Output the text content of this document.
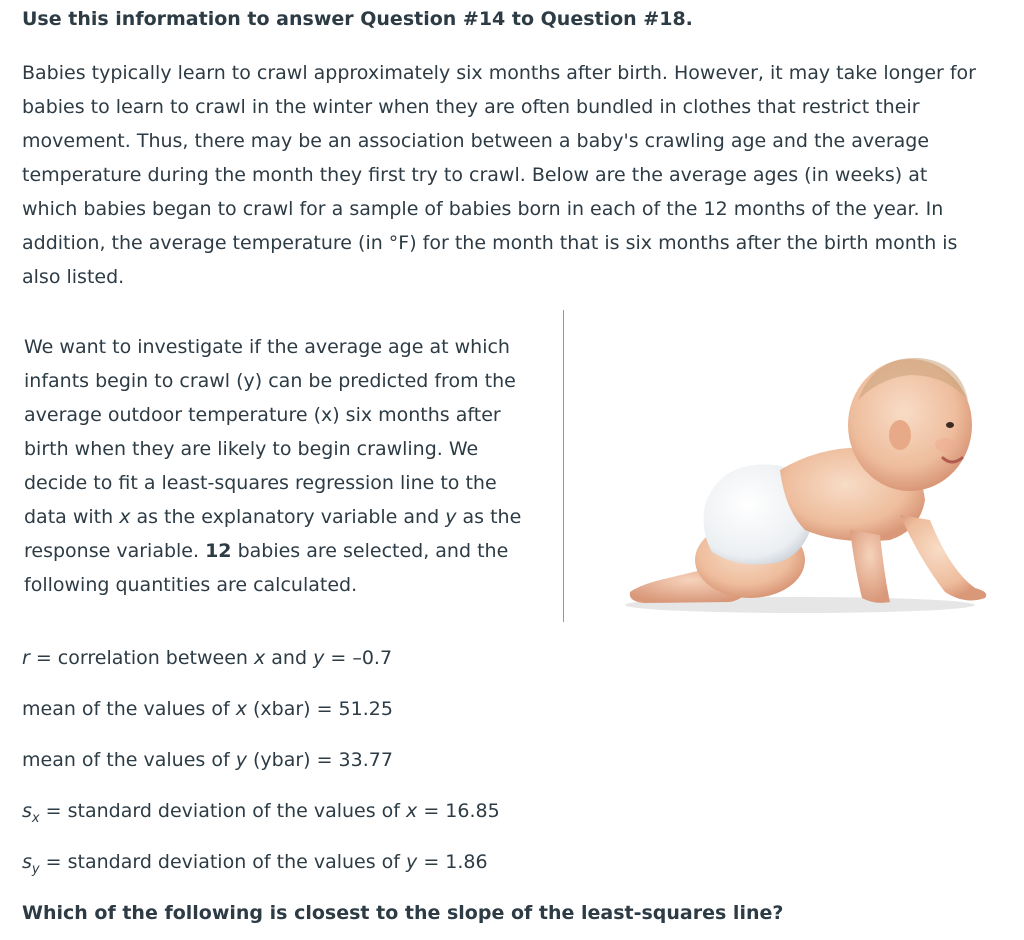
Use this information to answer Question #14 to Question #18.
Babies typically learn to crawl approximately six months after birth. However, it may take longer for
babies to learn to crawl in the winter when they are often bundled in clothes that restrict their
movement. Thus, there may be an association between a baby's crawling age and the average
temperature during the month they first try to crawl. Below are the average ages (in weeks) at
which babies began to crawl for a sample of babies born in each of the 12 months of the year. In
addition, the average temperature (in °F) for the month that is six months after the birth month is
also listed.
We want to investigate if the average age at which
infants begin to crawl (y) can be predicted from the
average outdoor temperature (x) six months after
birth when they are likely to begin crawling. We
decide to fit a least-squares regression line to the
data with x as the explanatory variable and y as the
response variable. 12 babies are selected, and the
following quantities are calculated.
r = correlation between x and y = –0.7
mean of the values of x (xbar) = 51.25
mean of the values of y (ybar) = 33.77
$s_x$ = standard deviation of the values of x = 16.85
$s_y$ = standard deviation of the values of y = 1.86
Which of the following is closest to the slope of the least-squares line?
